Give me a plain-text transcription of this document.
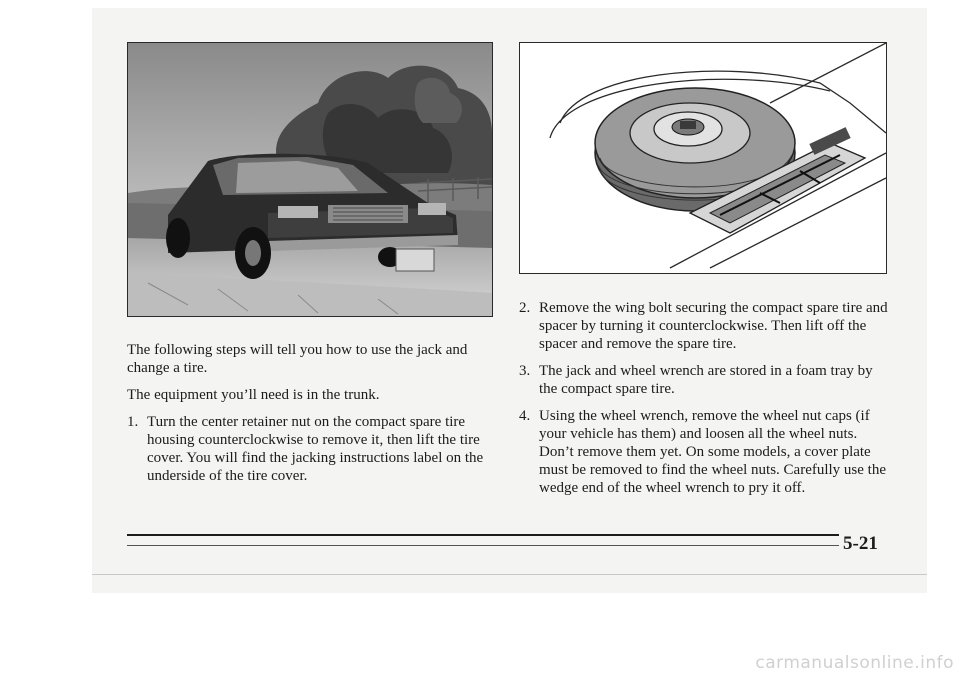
The following steps will tell you how to use the jack and change a tire.

The equipment you’ll need is in the trunk.

1. Turn the center retainer nut on the compact spare tire housing counterclockwise to remove it, then lift the tire cover. You will find the jacking instructions label on the underside of the tire cover.
2. Remove the wing bolt securing the compact spare tire and spacer by turning it counterclockwise. Then lift off the spacer and remove the spare tire.
3. The jack and wheel wrench are stored in a foam tray by the compact spare tire.
4. Using the wheel wrench, remove the wheel nut caps (if your vehicle has them) and loosen all the wheel nuts. Don’t remove them yet. On some models, a cover plate must be removed to find the wheel nuts. Carefully use the wedge end of the wheel wrench to pry it off.
5-21
carmanualsonline.info
